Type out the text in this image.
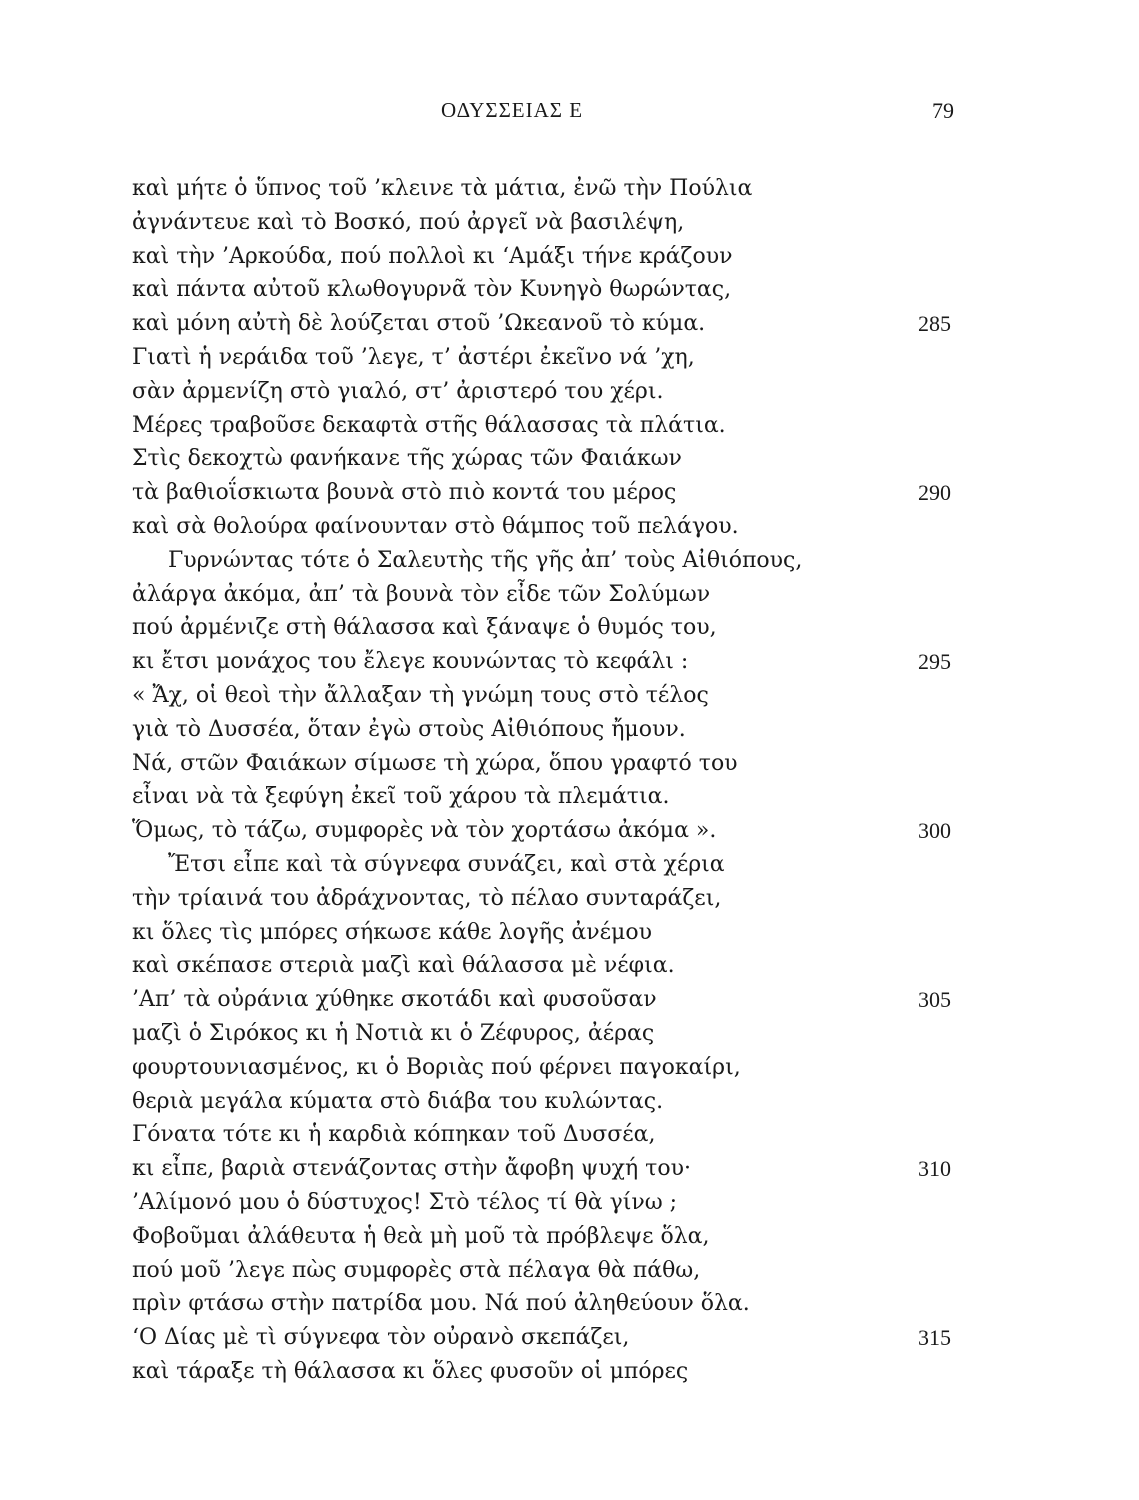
ΟΔΥΣΣΕΙΑΣ Ε	79
καὶ μήτε ὁ ὕπνος τοῦ ’κλεινε τὰ μάτια, ἐνῶ τὴν Πούλια
ἀγνάντευε καὶ τὸ Βοσκό, πού ἀργεῖ νὰ βασιλέψη,
καὶ τὴν ’Αρκούδα, πού πολλοὶ κι ‘Αμάξι τήνε κράζουν
καὶ πάντα αὐτοῦ κλωθογυρνᾶ τὸν Κυνηγὸ θωρώντας,
καὶ μόνη αὐτὴ δὲ λούζεται στοῦ ’Ωκεανοῦ τὸ κύμα.	285
Γιατὶ ἡ νεράιδα τοῦ ’λεγε, τ’ ἀστέρι ἐκεῖνο νά ’χη,
σὰν ἀρμενίζη στὸ γιαλό, στ’ ἀριστερό του χέρι.
Μέρες τραβοῦσε δεκαφτὰ στῆς θάλασσας τὰ πλάτια.
Στὶς δεκοχτὼ φανήκανε τῆς χώρας τῶν Φαιάκων
τὰ βαθιοΐσκιωτα βουνὰ στὸ πιὸ κοντά του μέρος	290
καὶ σὰ θολούρα φαίνουνταν στὸ θάμπος τοῦ πελάγου.
Γυρνώντας τότε ὁ Σαλευτὴς τῆς γῆς ἀπ’ τοὺς Αἰθιόπους,
ἀλάργα ἀκόμα, ἀπ’ τὰ βουνὰ τὸν εἶδε τῶν Σολύμων
πού ἀρμένιζε στὴ θάλασσα καὶ ξάναψε ὁ θυμός του,
κι ἔτσι μονάχος του ἔλεγε κουνώντας τὸ κεφάλι :	295
« Ἄχ, οἱ θεοὶ τὴν ἄλλαξαν τὴ γνώμη τους στὸ τέλος
γιὰ τὸ Δυσσέα, ὅταν ἐγὼ στοὺς Αἰθιόπους ἤμουν.
Νά, στῶν Φαιάκων σίμωσε τὴ χώρα, ὅπου γραφτό του
εἶναι νὰ τὰ ξεφύγη ἐκεῖ τοῦ χάρου τὰ πλεμάτια.
Ὅμως, τὸ τάζω, συμφορὲς νὰ τὸν χορτάσω ἀκόμα ».	300
Ἔτσι εἶπε καὶ τὰ σύγνεφα συνάζει, καὶ στὰ χέρια
τὴν τρίαινά του ἀδράχνοντας, τὸ πέλαο συνταράζει,
κι ὅλες τὶς μπόρες σήκωσε κάθε λογῆς ἀνέμου
καὶ σκέπασε στεριὰ μαζὶ καὶ θάλασσα μὲ νέφια.
’Απ’ τὰ οὐράνια χύθηκε σκοτάδι καὶ φυσοῦσαν	305
μαζὶ ὁ Σιρόκος κι ἡ Νοτιὰ κι ὁ Ζέφυρος, ἀέρας
φουρτουνιασμένος, κι ὁ Βοριὰς πού φέρνει παγοκαίρι,
θεριὰ μεγάλα κύματα στὸ διάβα του κυλώντας.
Γόνατα τότε κι ἡ καρδιὰ κόπηκαν τοῦ Δυσσέα,
κι εἶπε, βαριὰ στενάζοντας στὴν ἄφοβη ψυχή του·	310
’Αλίμονό μου ὁ δύστυχος! Στὸ τέλος τί θὰ γίνω ;
Φοβοῦμαι ἀλάθευτα ἡ θεὰ μὴ μοῦ τὰ πρόβλεψε ὅλα,
πού μοῦ ’λεγε πὼς συμφορὲς στὰ πέλαγα θὰ πάθω,
πρὶν φτάσω στὴν πατρίδα μου. Νά πού ἀληθεύουν ὅλα.
‘Ο Δίας μὲ τὶ σύγνεφα τὸν οὐρανὸ σκεπάζει,	315
καὶ τάραξε τὴ θάλασσα κι ὅλες φυσοῦν οἱ μπόρες
